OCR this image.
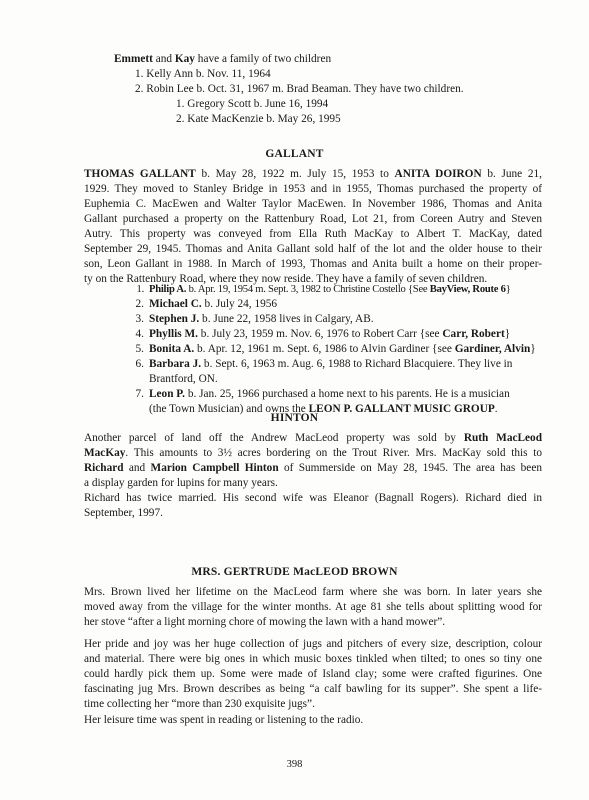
Emmett and Kay have a family of two children
1. Kelly Ann b. Nov. 11, 1964
2. Robin Lee b. Oct. 31, 1967 m. Brad Beaman. They have two children.
1. Gregory Scott b. June 16, 1994
2. Kate MacKenzie b. May 26, 1995
GALLANT
THOMAS GALLANT b. May 28, 1922 m. July 15, 1953 to ANITA DOIRON b. June 21,
1929. They moved to Stanley Bridge in 1953 and in 1955, Thomas purchased the property of
Euphemia C. MacEwen and Walter Taylor MacEwen. In November 1986, Thomas and Anita
Gallant purchased a property on the Rattenbury Road, Lot 21, from Coreen Autry and Steven
Autry. This property was conveyed from Ella Ruth MacKay to Albert T. MacKay, dated
September 29, 1945. Thomas and Anita Gallant sold half of the lot and the older house to their
son, Leon Gallant in 1988. In March of 1993, Thomas and Anita built a home on their proper-
ty on the Rattenbury Road, where they now reside. They have a family of seven children.
1. Philip A. b. Apr. 19, 1954 m. Sept. 3, 1982 to Christine Costello {See BayView, Route 6}
2. Michael C. b. July 24, 1956
3. Stephen J. b. June 22, 1958 lives in Calgary, AB.
4. Phyllis M. b. July 23, 1959 m. Nov. 6, 1976 to Robert Carr {see Carr, Robert}
5. Bonita A. b. Apr. 12, 1961 m. Sept. 6, 1986 to Alvin Gardiner {see Gardiner, Alvin}
6. Barbara J. b. Sept. 6, 1963 m. Aug. 6, 1988 to Richard Blacquiere. They live in
Brantford, ON.
7. Leon P. b. Jan. 25, 1966 purchased a home next to his parents. He is a musician
(the Town Musician) and owns the LEON P. GALLANT MUSIC GROUP.
HINTON
Another parcel of land off the Andrew MacLeod property was sold by Ruth MacLeod
MacKay. This amounts to 3½ acres bordering on the Trout River. Mrs. MacKay sold this to
Richard and Marion Campbell Hinton of Summerside on May 28, 1945. The area has been
a display garden for lupins for many years.
Richard has twice married. His second wife was Eleanor (Bagnall Rogers). Richard died in
September, 1997.
MRS. GERTRUDE MacLEOD BROWN
Mrs. Brown lived her lifetime on the MacLeod farm where she was born. In later years she
moved away from the village for the winter months. At age 81 she tells about splitting wood for
her stove “after a light morning chore of mowing the lawn with a hand mower”.
Her pride and joy was her huge collection of jugs and pitchers of every size, description, colour
and material. There were big ones in which music boxes tinkled when tilted; to ones so tiny one
could hardly pick them up. Some were made of Island clay; some were crafted figurines. One
fascinating jug Mrs. Brown describes as being “a calf bawling for its supper”. She spent a life-
time collecting her “more than 230 exquisite jugs”.
Her leisure time was spent in reading or listening to the radio.
398
